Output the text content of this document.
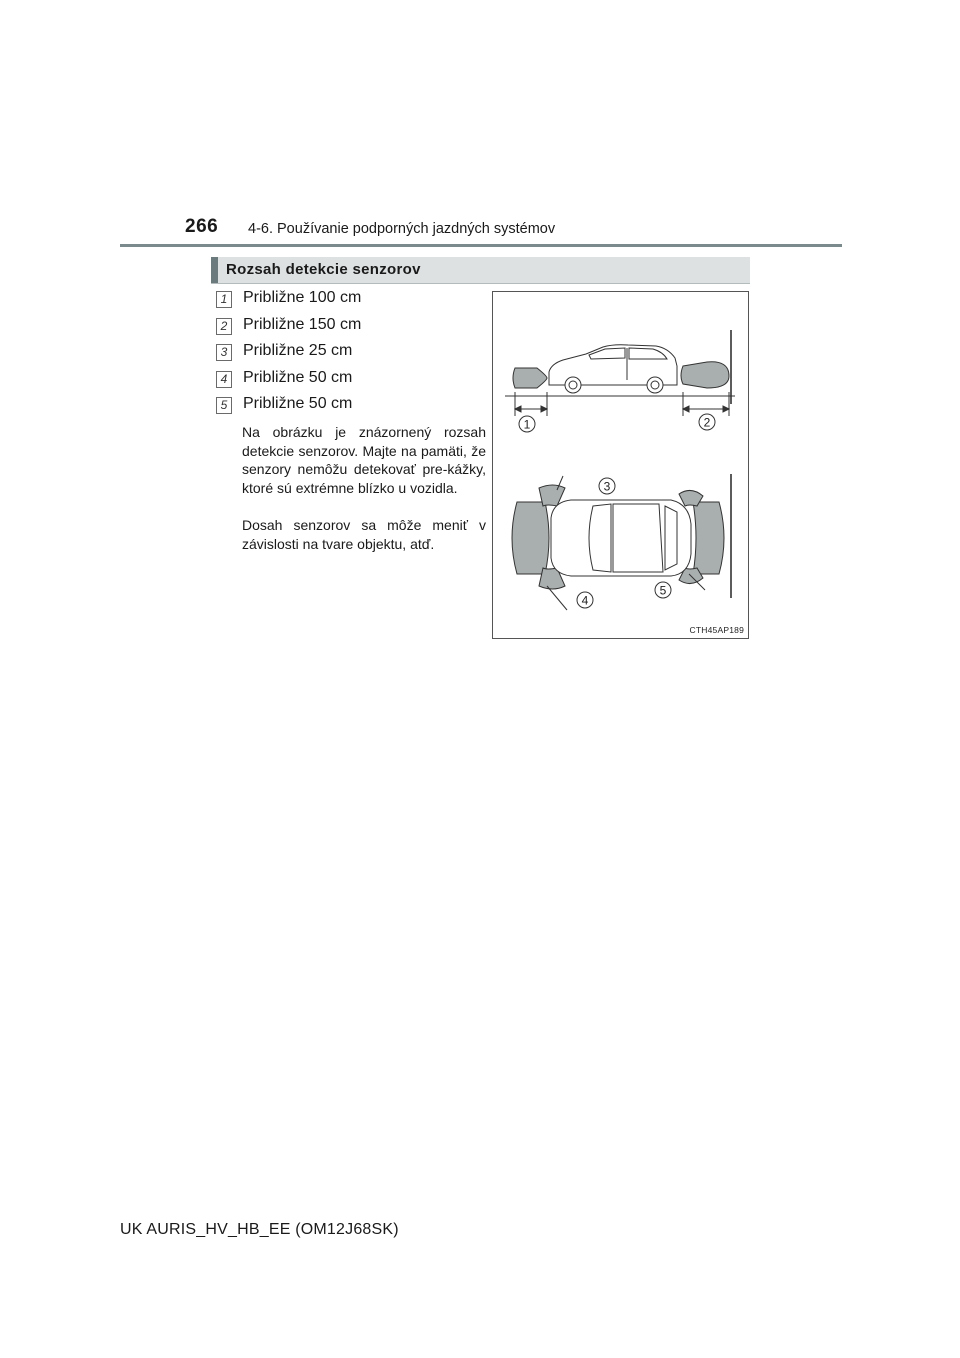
266 4-6. Používanie podporných jazdných systémov
Rozsah detekcie senzorov
1 Približne 100 cm
2 Približne 150 cm
3 Približne 25 cm
4 Približne 50 cm
5 Približne 50 cm

Na obrázku je znázornený rozsah detekcie senzorov. Majte na pamäti, že senzory nemôžu detekovať pre-kážky, ktoré sú extrémne blízko u vozidla.

Dosah senzorov sa môže meniť v závislosti na tvare objektu, atď.

1	2
3
4
5
CTH45AP189
UK AURIS_HV_HB_EE (OM12J68SK)
